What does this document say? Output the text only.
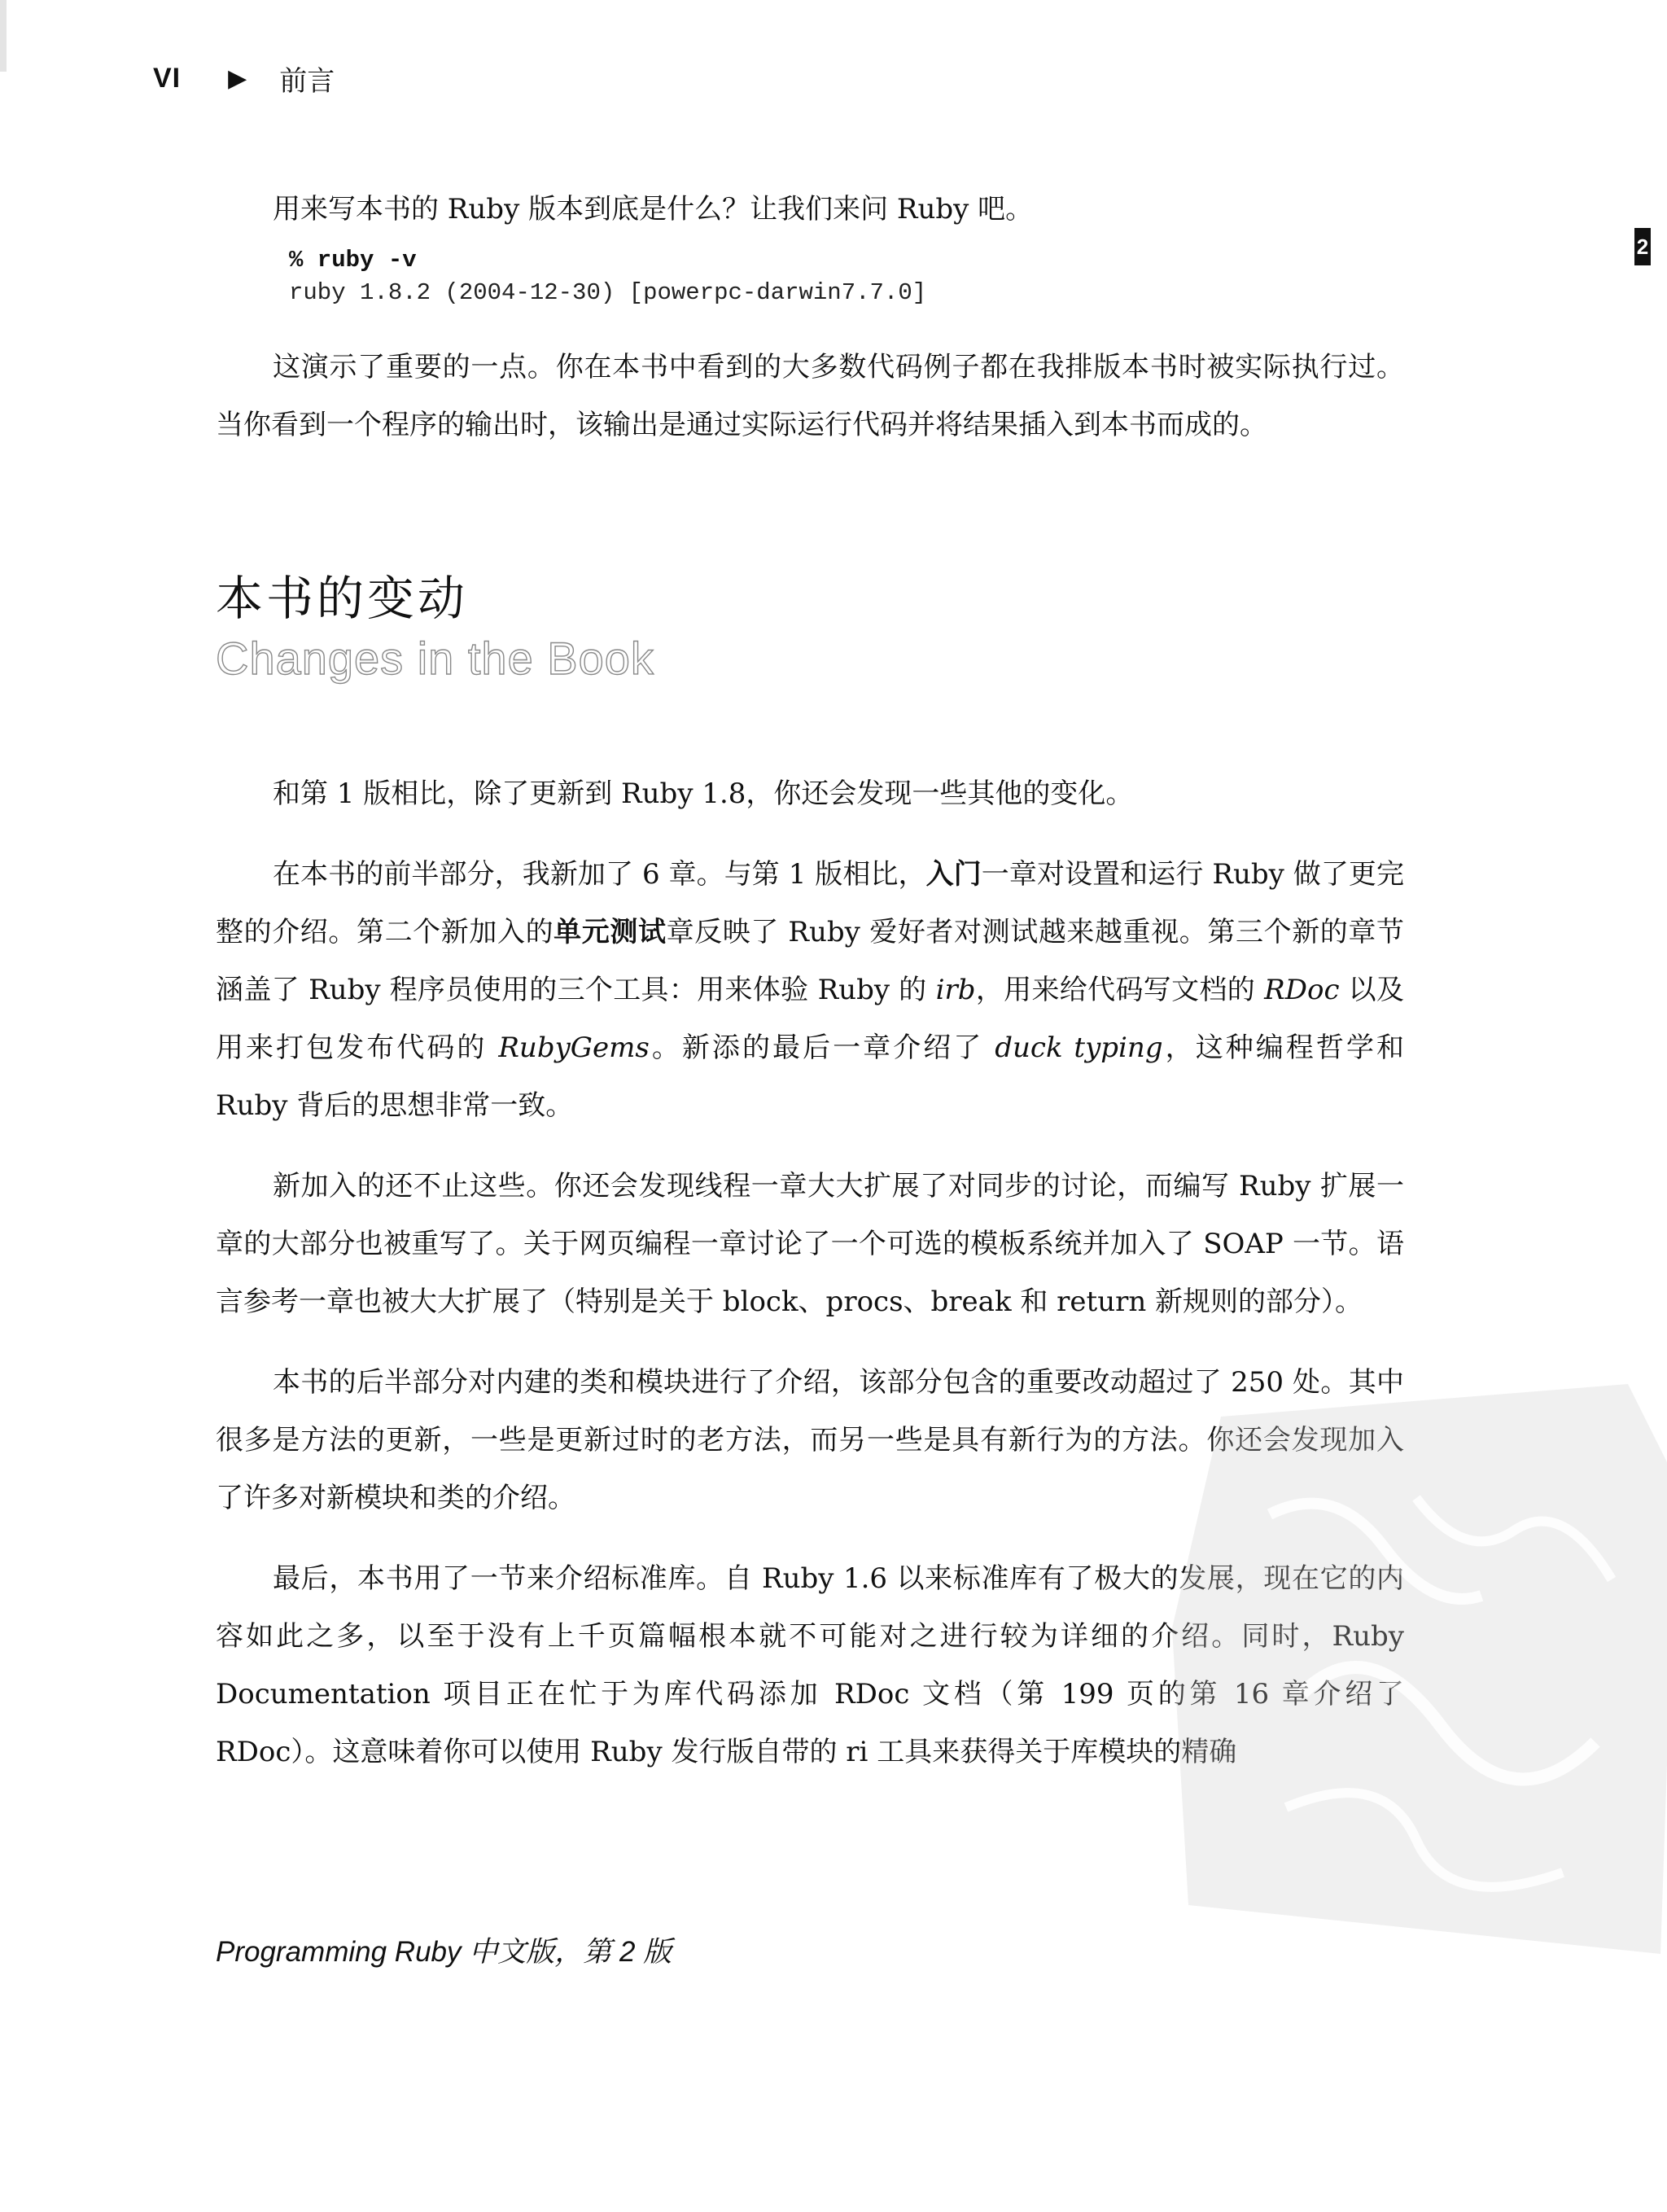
VI ▶ 前言
2

用来写本书的 Ruby 版本到底是什么？让我们来问 Ruby 吧。

% ruby -v
ruby 1.8.2 (2004-12-30) [powerpc-darwin7.7.0]

这演示了重要的一点。你在本书中看到的大多数代码例子都在我排版本书时被实际执行过。当你看到一个程序的输出时，该输出是通过实际运行代码并将结果插入到本书而成的。

本书的变动
Changes in the Book

和第 1 版相比，除了更新到 Ruby 1.8，你还会发现一些其他的变化。

在本书的前半部分，我新加了 6 章。与第 1 版相比，入门一章对设置和运行 Ruby 做了更完整的介绍。第二个新加入的单元测试章反映了 Ruby 爱好者对测试越来越重视。第三个新的章节涵盖了 Ruby 程序员使用的三个工具：用来体验 Ruby 的 irb，用来给代码写文档的 RDoc 以及用来打包发布代码的 RubyGems。新添的最后一章介绍了 duck typing，这种编程哲学和 Ruby 背后的思想非常一致。

新加入的还不止这些。你还会发现线程一章大大扩展了对同步的讨论，而编写 Ruby 扩展一章的大部分也被重写了。关于网页编程一章讨论了一个可选的模板系统并加入了 SOAP 一节。语言参考一章也被大大扩展了（特别是关于 block、procs、break 和 return 新规则的部分）。

本书的后半部分对内建的类和模块进行了介绍，该部分包含的重要改动超过了 250 处。其中很多是方法的更新，一些是更新过时的老方法，而另一些是具有新行为的方法。你还会发现加入了许多对新模块和类的介绍。

最后，本书用了一节来介绍标准库。自 Ruby 1.6 以来标准库有了极大的发展，现在它的内容如此之多，以至于没有上千页篇幅根本就不可能对之进行较为详细的介绍。同时，Ruby Documentation 项目正在忙于为库代码添加 RDoc 文档（第 199 页的第 16 章介绍了 RDoc）。这意味着你可以使用 Ruby 发行版自带的 ri 工具来获得关于库模块的精确

Programming Ruby 中文版，第 2 版
